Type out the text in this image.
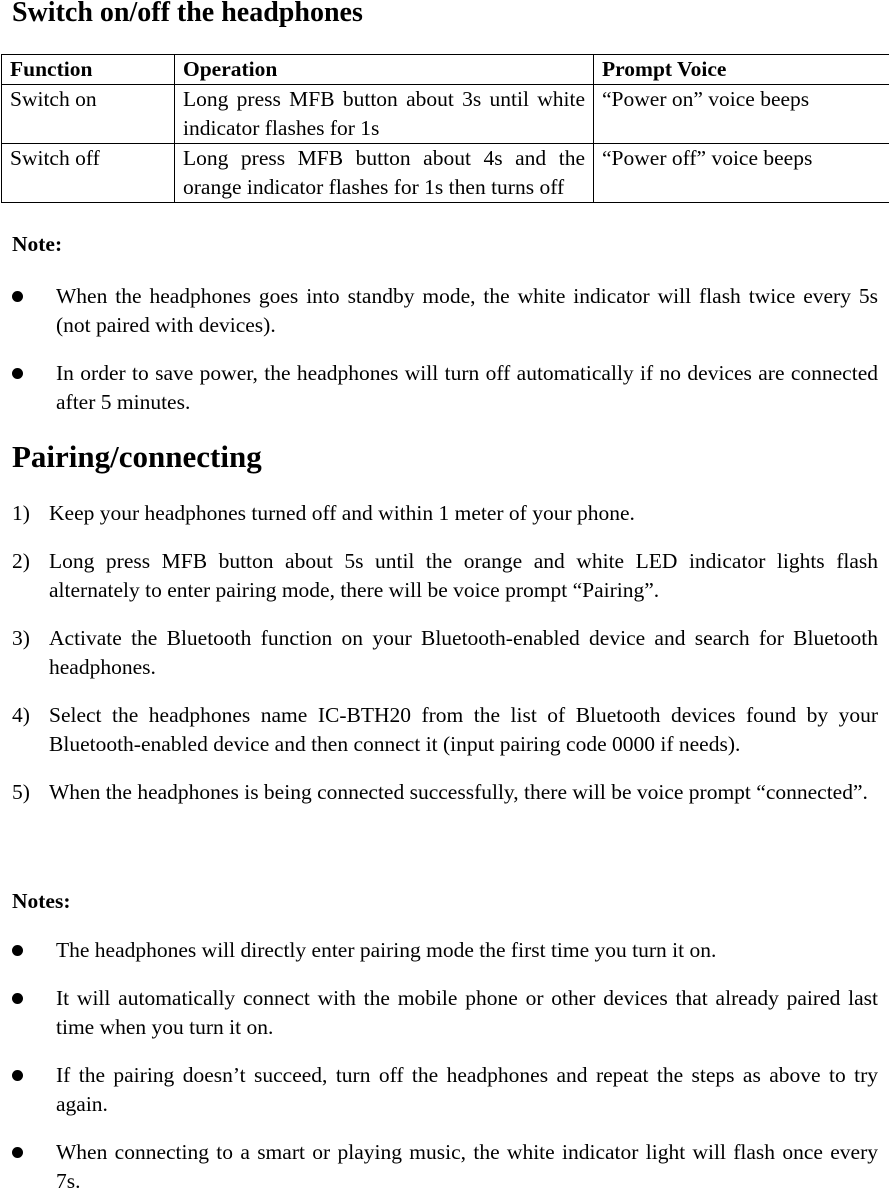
Switch on/off the headphones
Function	Operation	Prompt Voice
Switch on	Long press MFB button about 3s until white indicator flashes for 1s	“Power on” voice beeps
Switch off	Long press MFB button about 4s and the orange indicator flashes for 1s then turns off	“Power off” voice beeps
Note:
When the headphones goes into standby mode, the white indicator will flash twice every 5s (not paired with devices).
In order to save power, the headphones will turn off automatically if no devices are connected after 5 minutes.
Pairing/connecting
1) Keep your headphones turned off and within 1 meter of your phone.
2) Long press MFB button about 5s until the orange and white LED indicator lights flash alternately to enter pairing mode, there will be voice prompt “Pairing”.
3) Activate the Bluetooth function on your Bluetooth-enabled device and search for Bluetooth headphones.
4) Select the headphones name IC-BTH20 from the list of Bluetooth devices found by your Bluetooth-enabled device and then connect it (input pairing code 0000 if needs).
5) When the headphones is being connected successfully, there will be voice prompt “connected”.
Notes:
The headphones will directly enter pairing mode the first time you turn it on.
It will automatically connect with the mobile phone or other devices that already paired last time when you turn it on.
If the pairing doesn’t succeed, turn off the headphones and repeat the steps as above to try again.
When connecting to a smart or playing music, the white indicator light will flash once every 7s.
